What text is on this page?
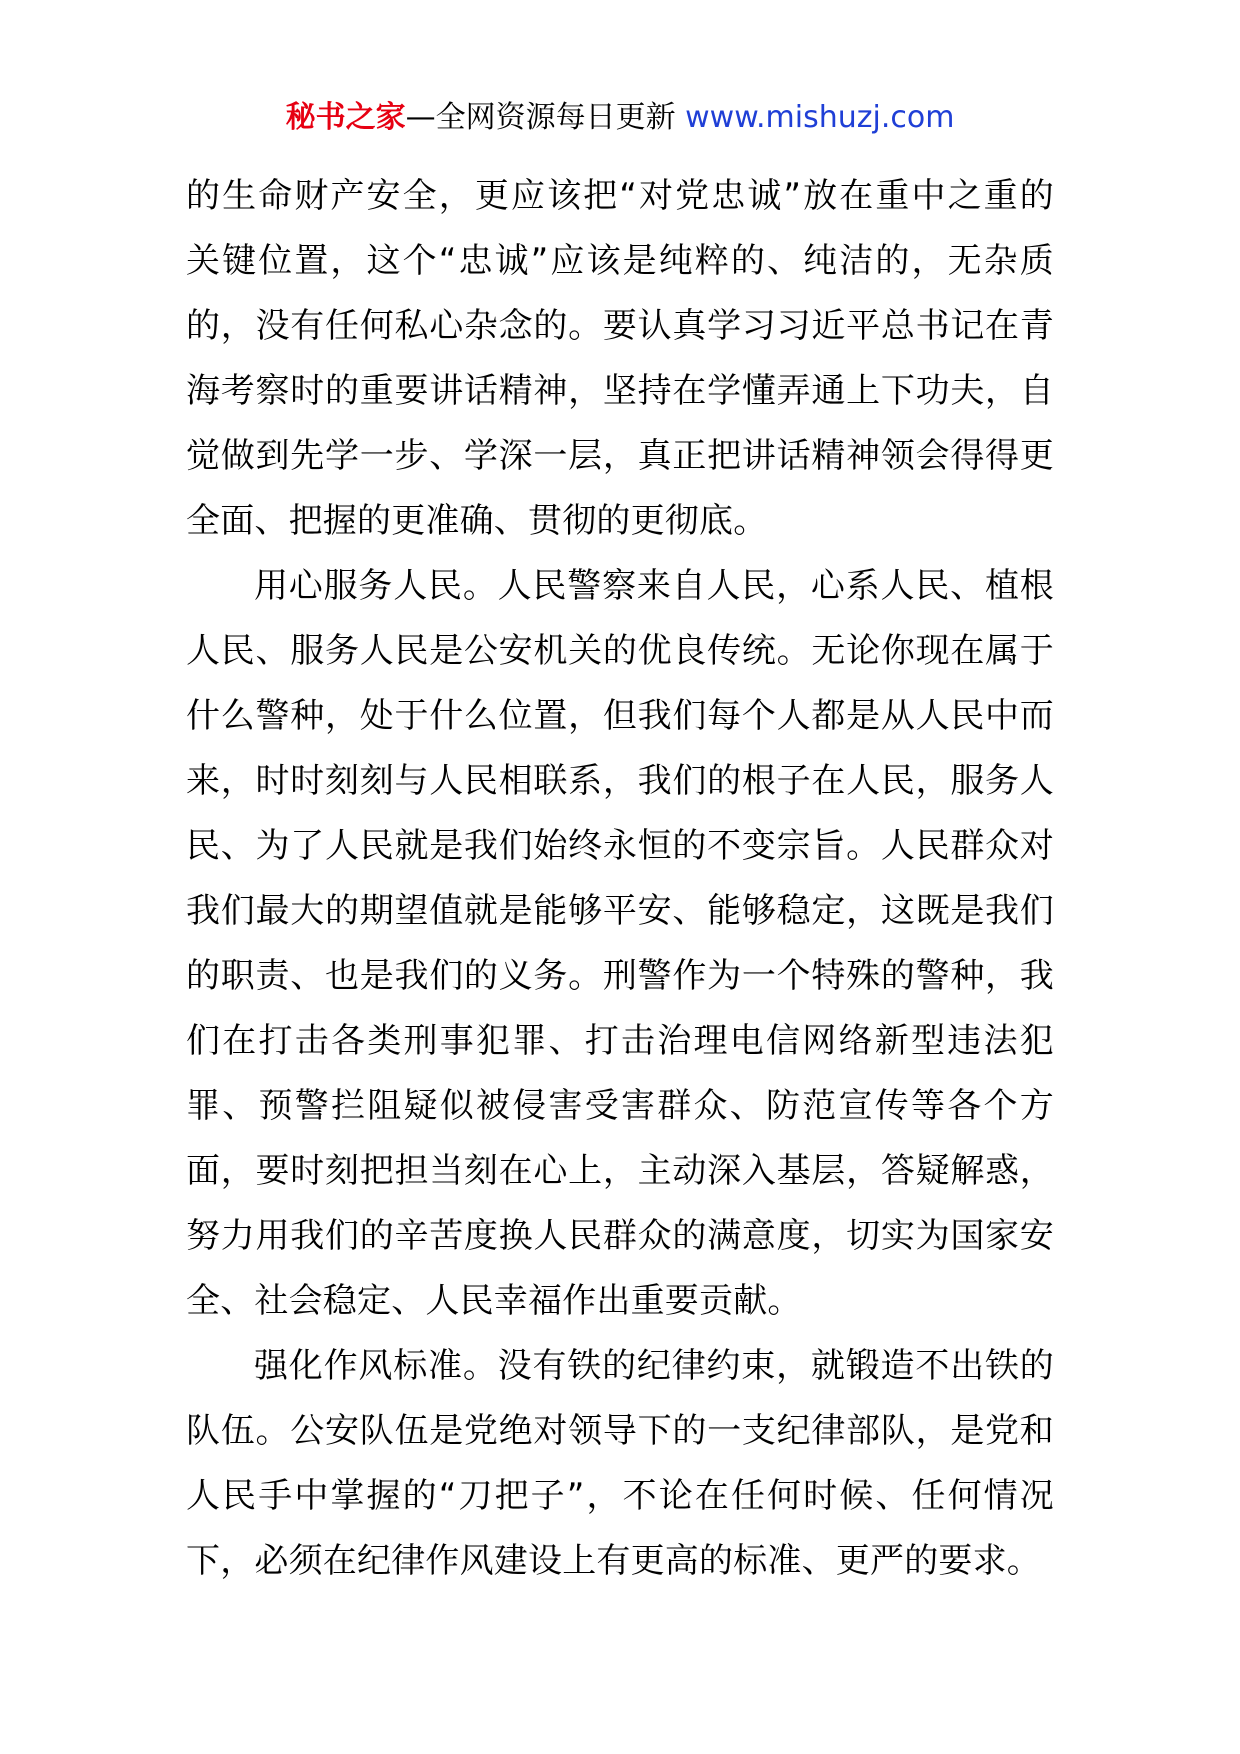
秘书之家—全网资源每日更新 www.mishuzj.com
的生命财产安全，更应该把“对党忠诚”放在重中之重的
关键位置，这个“忠诚”应该是纯粹的、纯洁的，无杂质
的，没有任何私心杂念的。要认真学习习近平总书记在青
海考察时的重要讲话精神，坚持在学懂弄通上下功夫，自
觉做到先学一步、学深一层，真正把讲话精神领会得得更
全面、把握的更准确、贯彻的更彻底。
用心服务人民。人民警察来自人民，心系人民、植根
人民、服务人民是公安机关的优良传统。无论你现在属于
什么警种，处于什么位置，但我们每个人都是从人民中而
来，时时刻刻与人民相联系，我们的根子在人民，服务人
民、为了人民就是我们始终永恒的不变宗旨。人民群众对
我们最大的期望值就是能够平安、能够稳定，这既是我们
的职责、也是我们的义务。刑警作为一个特殊的警种，我
们在打击各类刑事犯罪、打击治理电信网络新型违法犯
罪、预警拦阻疑似被侵害受害群众、防范宣传等各个方
面，要时刻把担当刻在心上，主动深入基层，答疑解惑，
努力用我们的辛苦度换人民群众的满意度，切实为国家安
全、社会稳定、人民幸福作出重要贡献。
强化作风标准。没有铁的纪律约束，就锻造不出铁的
队伍。公安队伍是党绝对领导下的一支纪律部队，是党和
人民手中掌握的“刀把子”，不论在任何时候、任何情况
下，必须在纪律作风建设上有更高的标准、更严的要求。
